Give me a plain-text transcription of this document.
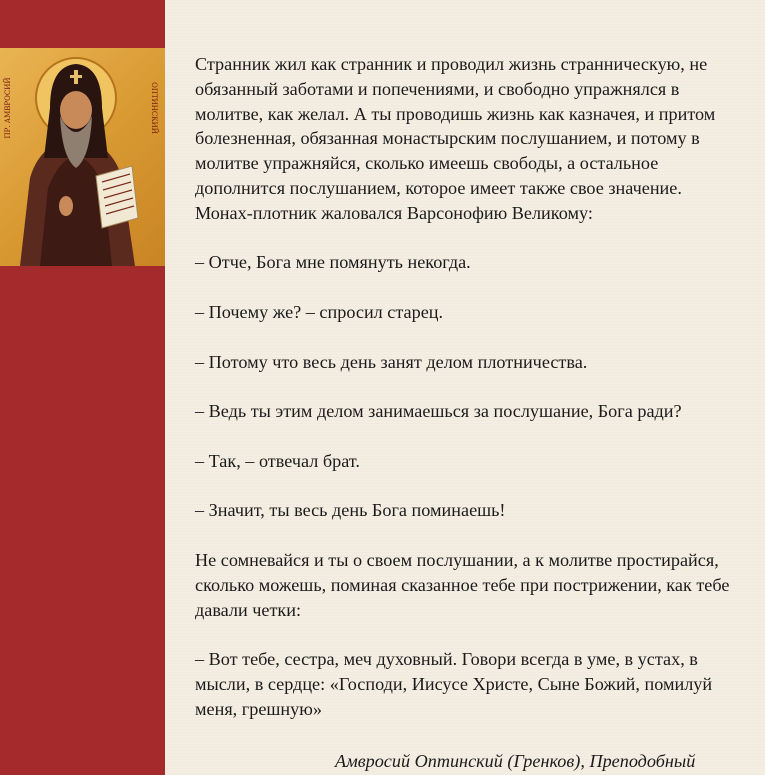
ПР. АМВРОСИЙ	ОПТИНСКИЙ

Странник жил как странник и проводил жизнь странническую, не обязанный заботами и попечениями, и свободно упражнялся в молитве, как желал. А ты проводишь жизнь как казначея, и притом болезненная, обязанная монастырским послушанием, и потому в молитве упражняйся, сколько имеешь свободы, а остальное дополнится послушанием, которое имеет также свое значение.

Монах-плотник жаловался Варсонофию Великому:

– Отче, Бога мне помянуть некогда.

– Почему же? – спросил старец.

– Потому что весь день занят делом плотничества.

– Ведь ты этим делом занимаешься за послушание, Бога ради?

– Так, – отвечал брат.

– Значит, ты весь день Бога поминаешь!

Не сомневайся и ты о своем послушании, а к молитве простирайся, сколько можешь, поминая сказанное тебе при пострижении, как тебе давали четки:

– Вот тебе, сестра, меч духовный. Говори всегда в уме, в устах, в мысли, в сердце: «Господи, Иисусе Христе, Сыне Божий, помилуй меня, грешную»

Амвросий Оптинский (Гренков), Преподобный
